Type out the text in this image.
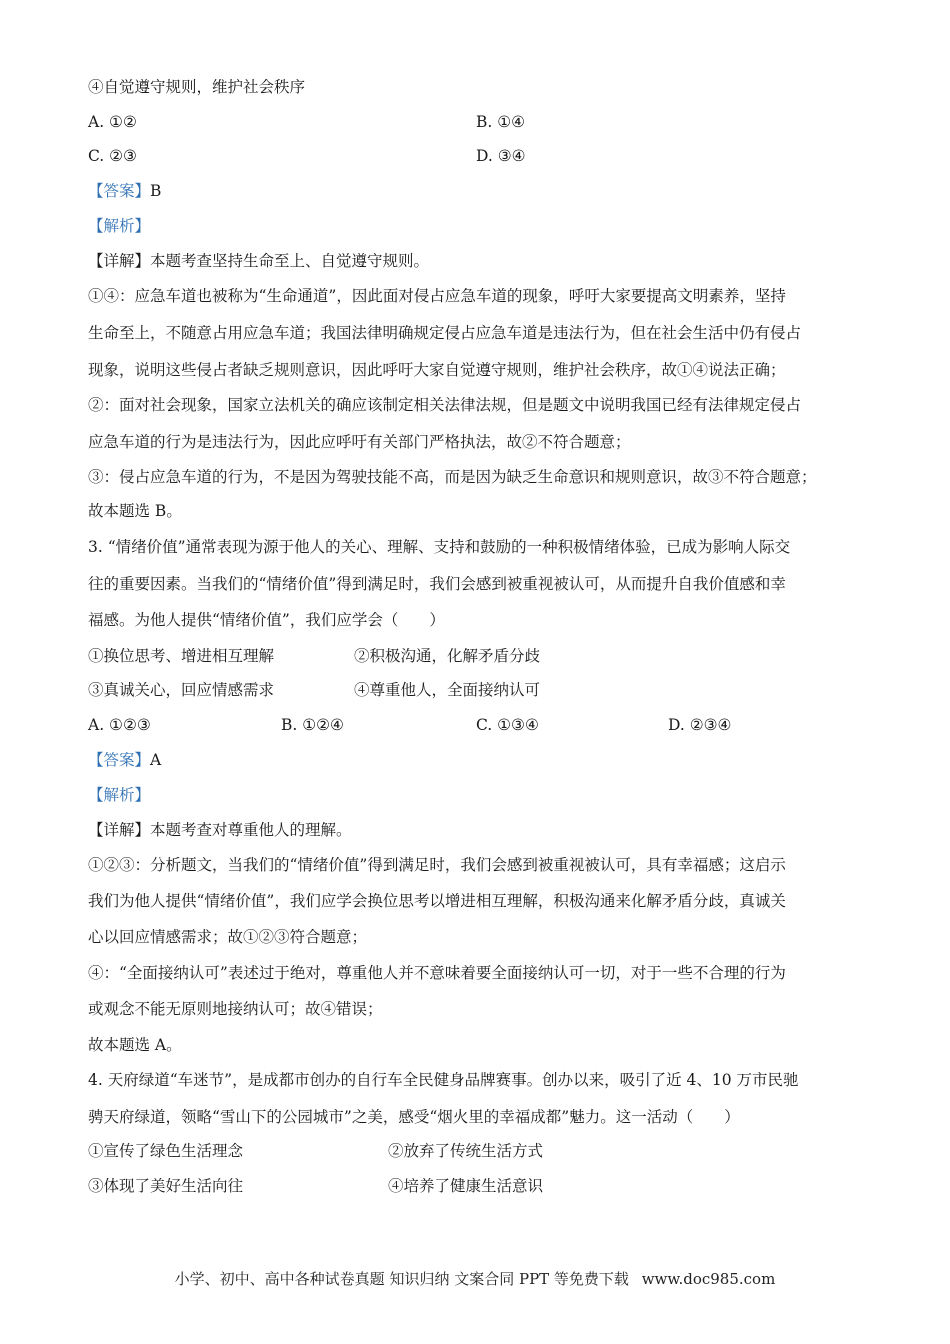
④自觉遵守规则，维护社会秩序
A. ①②	B. ①④
C. ②③	D. ③④
【答案】B
【解析】
【详解】本题考查坚持生命至上、自觉遵守规则。
①④：应急车道也被称为“生命通道”，因此面对侵占应急车道的现象，呼吁大家要提高文明素养，坚持
生命至上，不随意占用应急车道；我国法律明确规定侵占应急车道是违法行为，但在社会生活中仍有侵占
现象，说明这些侵占者缺乏规则意识，因此呼吁大家自觉遵守规则，维护社会秩序，故①④说法正确；
②：面对社会现象，国家立法机关的确应该制定相关法律法规，但是题文中说明我国已经有法律规定侵占
应急车道的行为是违法行为，因此应呼吁有关部门严格执法，故②不符合题意；
③：侵占应急车道的行为，不是因为驾驶技能不高，而是因为缺乏生命意识和规则意识，故③不符合题意；
故本题选 B。
3. “情绪价值”通常表现为源于他人的关心、理解、支持和鼓励的一种积极情绪体验，已成为影响人际交
往的重要因素。当我们的“情绪价值”得到满足时，我们会感到被重视被认可，从而提升自我价值感和幸
福感。为他人提供“情绪价值”，我们应学会（　　）
①换位思考、增进相互理解	②积极沟通，化解矛盾分歧
③真诚关心，回应情感需求	④尊重他人，全面接纳认可
A. ①②③	B. ①②④	C. ①③④	D. ②③④
【答案】A
【解析】
【详解】本题考查对尊重他人的理解。
①②③：分析题文，当我们的“情绪价值”得到满足时，我们会感到被重视被认可，具有幸福感；这启示
我们为他人提供“情绪价值”，我们应学会换位思考以增进相互理解，积极沟通来化解矛盾分歧，真诚关
心以回应情感需求；故①②③符合题意；
④：“全面接纳认可”表述过于绝对，尊重他人并不意味着要全面接纳认可一切，对于一些不合理的行为
或观念不能无原则地接纳认可；故④错误；
故本题选 A。
4. 天府绿道“车迷节”，是成都市创办的自行车全民健身品牌赛事。创办以来，吸引了近 4、10 万市民驰
骋天府绿道，领略“雪山下的公园城市”之美，感受“烟火里的幸福成都”魅力。这一活动（　　）
①宣传了绿色生活理念	②放弃了传统生活方式
③体现了美好生活向往	④培养了健康生活意识
小学、初中、高中各种试卷真题 知识归纳 文案合同 PPT 等免费下载 www.doc985.com
